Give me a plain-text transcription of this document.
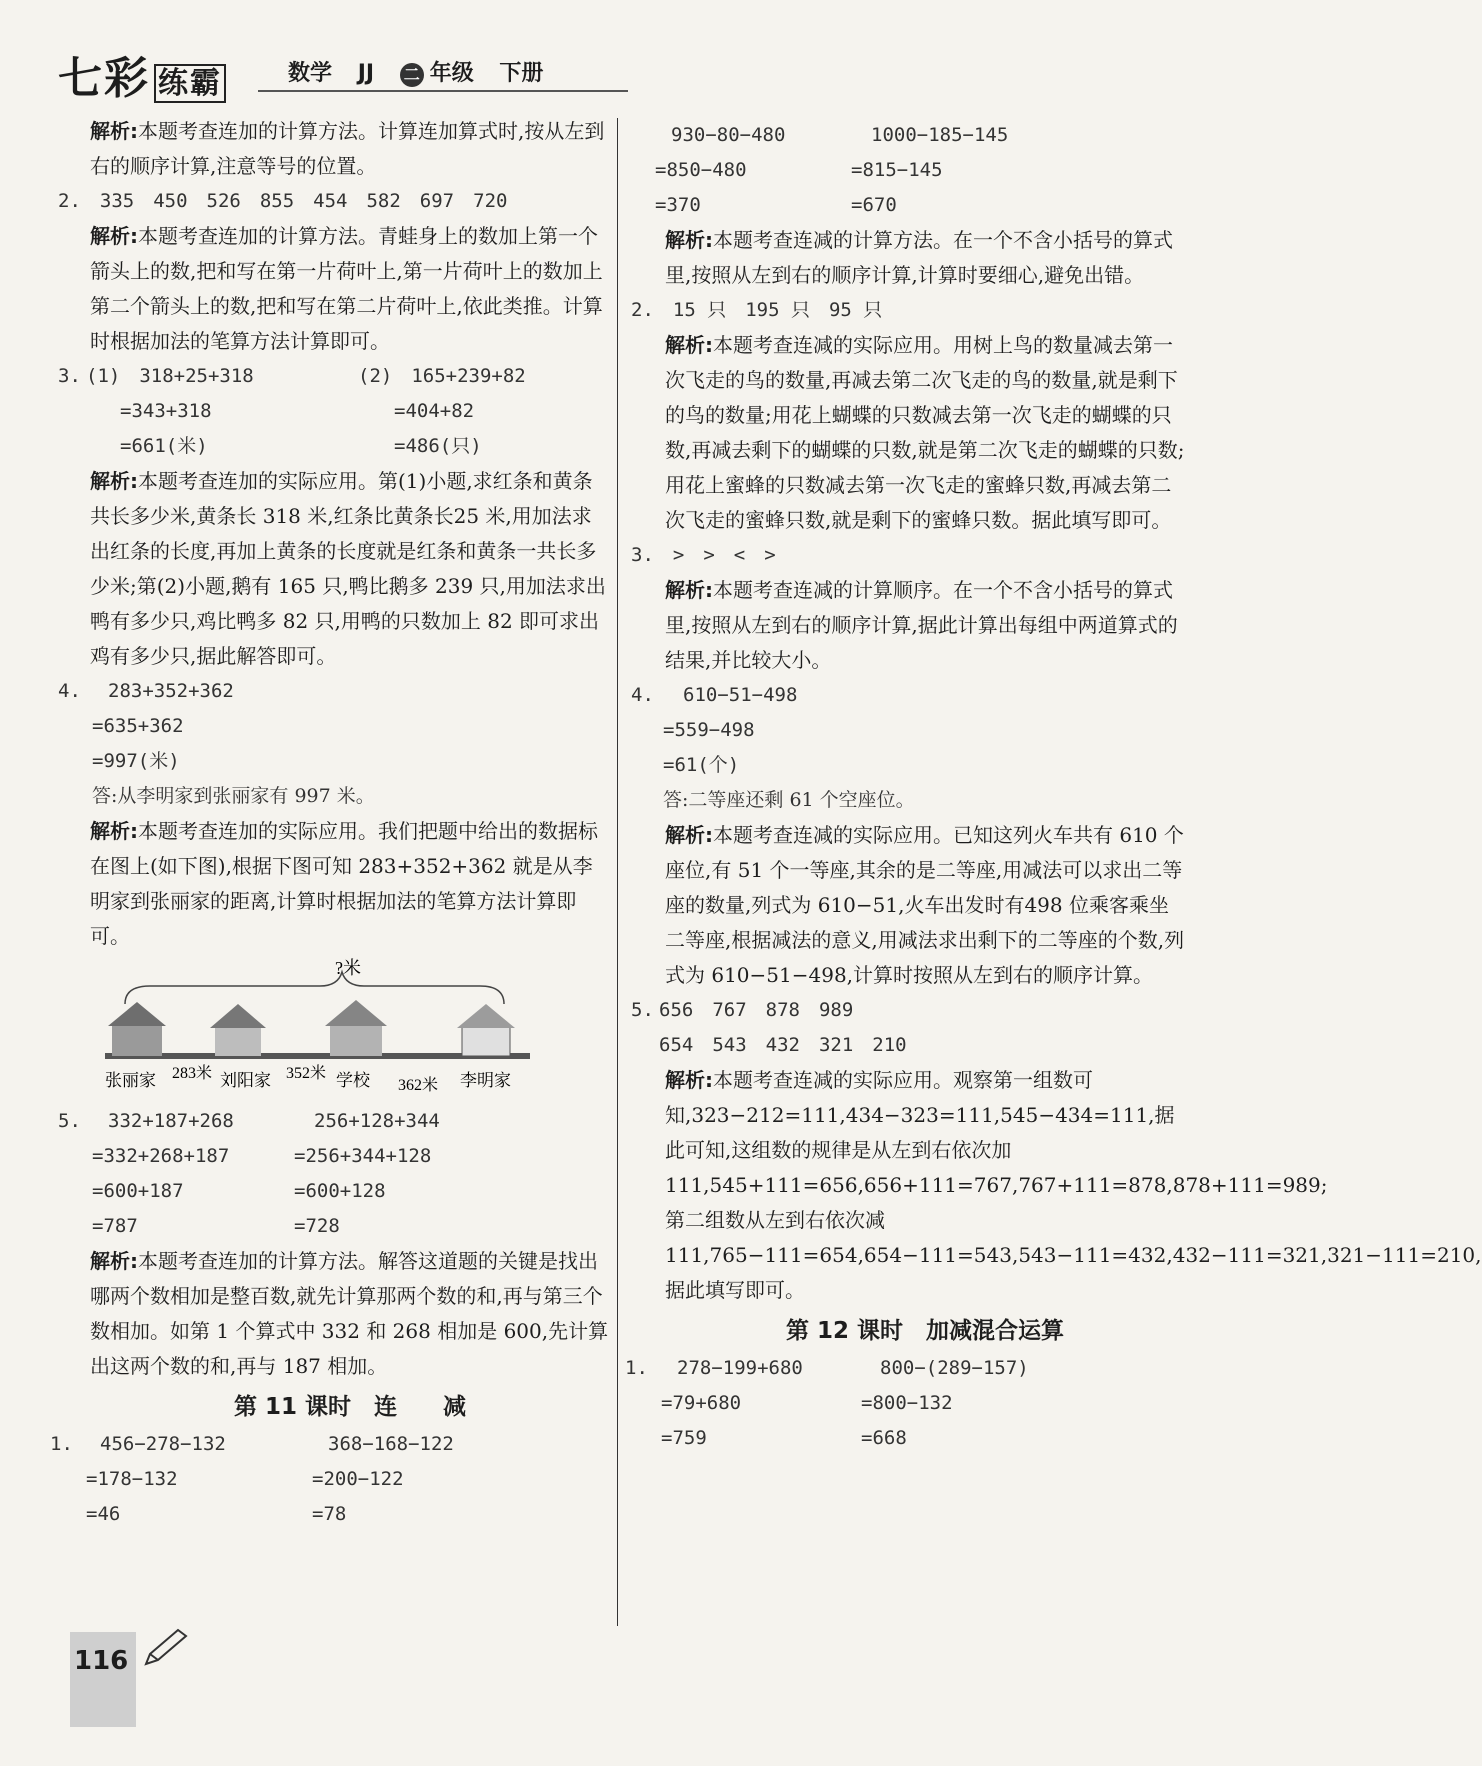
七彩 练霸	数学 JJ 二 年级 下册

解析:本题考查连加的计算方法。计算连加算式时,按从左到右的顺序计算,注意等号的位置。

2.　 335　450　526　855　454　582　697　720

解析:本题考查连加的计算方法。青蛙身上的数加上第一个箭头上的数,把和写在第一片荷叶上,第一片荷叶上的数加上第二个箭头上的数,把和写在第二片荷叶上,依此类推。计算时根据加法的笔算方法计算即可。

3. (1)　318+25+318
=343+318
=661(米)
(2)　165+239+82
=404+82
=486(只)

解析:本题考查连加的实际应用。第(1)小题,求红条和黄条共长多少米,黄条长 318 米,红条比黄条长25 米,用加法求出红条的长度,再加上黄条的长度就是红条和黄条一共长多少米;第(2)小题,鹅有 165 只,鸭比鹅多 239 只,用加法求出鸭有多少只,鸡比鸭多 82 只,用鸭的只数加上 82 即可求出鸡有多少只,据此解答即可。

4. 283+352+362
=635+362
=997(米)
答:从李明家到张丽家有 997 米。

解析:本题考查连加的实际应用。我们把题中给出的数据标在图上(如下图),根据下图可知 283+352+362 就是从李明家到张丽家的距离,计算时根据加法的笔算方法计算即可。

?米
张丽家 283米 刘阳家 352米 学校 362米 李明家
5. 332+187+268
=332+268+187
=600+187
=787
256+128+344
=256+344+128
=600+128
=728

解析:本题考查连加的计算方法。解答这道题的关键是找出哪两个数相加是整百数,就先计算那两个数的和,再与第三个数相加。如第 1 个算式中 332 和 268 相加是 600,先计算出这两个数的和,再与 187 相加。

第 11 课时　连　　减
1. 456−278−132
=178−132
=46
368−168−122
=200−122
=78
930−80−480
=850−480
=370
1000−185−145
=815−145
=670

解析:本题考查连减的计算方法。在一个不含小括号的算式里,按照从左到右的顺序计算,计算时要细心,避免出错。

2.　 15 只　195 只　95 只

解析:本题考查连减的实际应用。用树上鸟的数量减去第一次飞走的鸟的数量,再减去第二次飞走的鸟的数量,就是剩下的鸟的数量;用花上蝴蝶的只数减去第一次飞走的蝴蝶的只数,再减去剩下的蝴蝶的只数,就是第二次飞走的蝴蝶的只数;用花上蜜蜂的只数减去第一次飞走的蜜蜂只数,再减去第二次飞走的蜜蜂只数,就是剩下的蜜蜂只数。据此填写即可。

3.　 >　>　<　>

解析:本题考查连减的计算顺序。在一个不含小括号的算式里,按照从左到右的顺序计算,据此计算出每组中两道算式的结果,并比较大小。

4. 610−51−498
=559−498
=61(个)
答:二等座还剩 61 个空座位。

解析:本题考查连减的实际应用。已知这列火车共有 610 个座位,有 51 个一等座,其余的是二等座,用减法可以求出二等座的数量,列式为 610−51,火车出发时有498 位乘客乘坐二等座,根据减法的意义,用减法求出剩下的二等座的个数,列式为 610−51−498,计算时按照从左到右的顺序计算。

5. 656　767　878　989
654　543　432　321　210

解析:本题考查连减的实际应用。观察第一组数可知,323−212=111,434−323=111,545−434=111,据此可知,这组数的规律是从左到右依次加 111,545+111=656,656+111=767,767+111=878,878+111=989;第二组数从左到右依次减 111,765−111=654,654−111=543,543−111=432,432−111=321,321−111=210,据此填写即可。

第 12 课时　加减混合运算
1. 278−199+680
=79+680
=759
800−(289−157)
=800−132
=668
116
